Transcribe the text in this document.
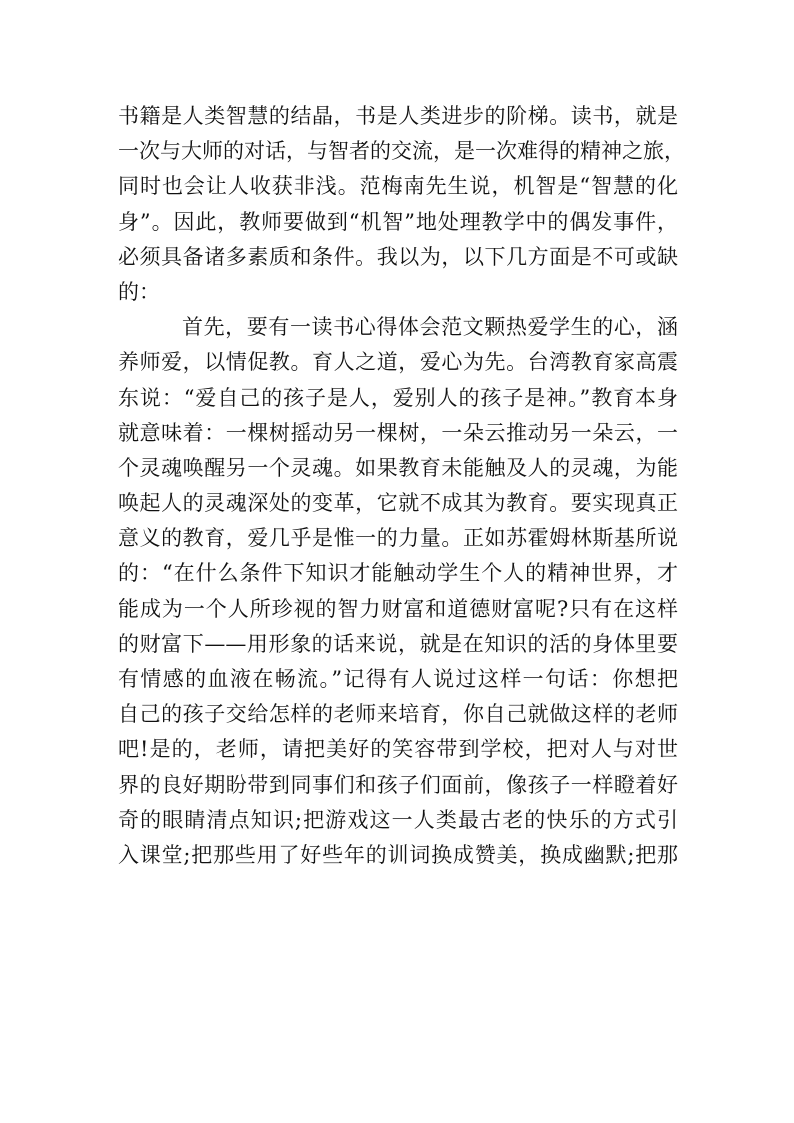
书籍是人类智慧的结晶，书是人类进步的阶梯。读书，就是
一次与大师的对话，与智者的交流，是一次难得的精神之旅，
同时也会让人收获非浅。范梅南先生说，机智是“智慧的化
身”。因此，教师要做到“机智”地处理教学中的偶发事件，
必须具备诸多素质和条件。我以为，以下几方面是不可或缺
的：
首先，要有一读书心得体会范文颗热爱学生的心，涵
养师爱，以情促教。育人之道，爱心为先。台湾教育家高震
东说：“爱自己的孩子是人，爱别人的孩子是神。”教育本身
就意味着：一棵树摇动另一棵树，一朵云推动另一朵云，一
个灵魂唤醒另一个灵魂。如果教育未能触及人的灵魂，为能
唤起人的灵魂深处的变革，它就不成其为教育。要实现真正
意义的教育，爱几乎是惟一的力量。正如苏霍姆林斯基所说
的：“在什么条件下知识才能触动学生个人的精神世界，才
能成为一个人所珍视的智力财富和道德财富呢?只有在这样
的财富下——用形象的话来说，就是在知识的活的身体里要
有情感的血液在畅流。”记得有人说过这样一句话：你想把
自己的孩子交给怎样的老师来培育，你自己就做这样的老师
吧!是的，老师，请把美好的笑容带到学校，把对人与对世
界的良好期盼带到同事们和孩子们面前，像孩子一样瞪着好
奇的眼睛清点知识;把游戏这一人类最古老的快乐的方式引
入课堂;把那些用了好些年的训词换成赞美，换成幽默;把那
